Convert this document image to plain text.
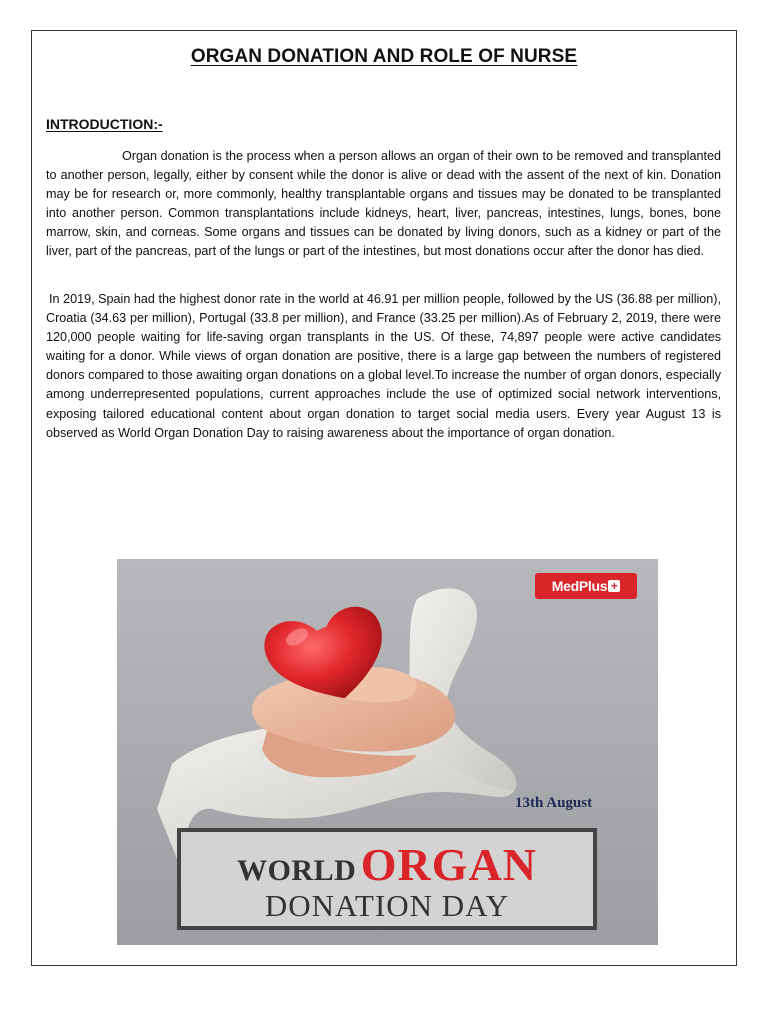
ORGAN DONATION AND ROLE OF NURSE
INTRODUCTION:-

Organ donation is the process when a person allows an organ of their own to be removed and transplanted to another person, legally, either by consent while the donor is alive or dead with the assent of the next of kin. Donation may be for research or, more commonly, healthy transplantable organs and tissues may be donated to be transplanted into another person. Common transplantations include kidneys, heart, liver, pancreas, intestines, lungs, bones, bone marrow, skin, and corneas. Some organs and tissues can be donated by living donors, such as a kidney or part of the liver, part of the pancreas, part of the lungs or part of the intestines, but most donations occur after the donor has died.

In 2019, Spain had the highest donor rate in the world at 46.91 per million people, followed by the US (36.88 per million), Croatia (34.63 per million), Portugal (33.8 per million), and France (33.25 per million).As of February 2, 2019, there were 120,000 people waiting for life-saving organ transplants in the US. Of these, 74,897 people were active candidates waiting for a donor. While views of organ donation are positive, there is a large gap between the numbers of registered donors compared to those awaiting organ donations on a global level.To increase the number of organ donors, especially among underrepresented populations, current approaches include the use of optimized social network interventions, exposing tailored educational content about organ donation to target social media users. Every year August 13 is observed as World Organ Donation Day to raising awareness about the importance of organ donation.

MedPlus +
13th August
WORLD ORGAN
DONATION DAY
